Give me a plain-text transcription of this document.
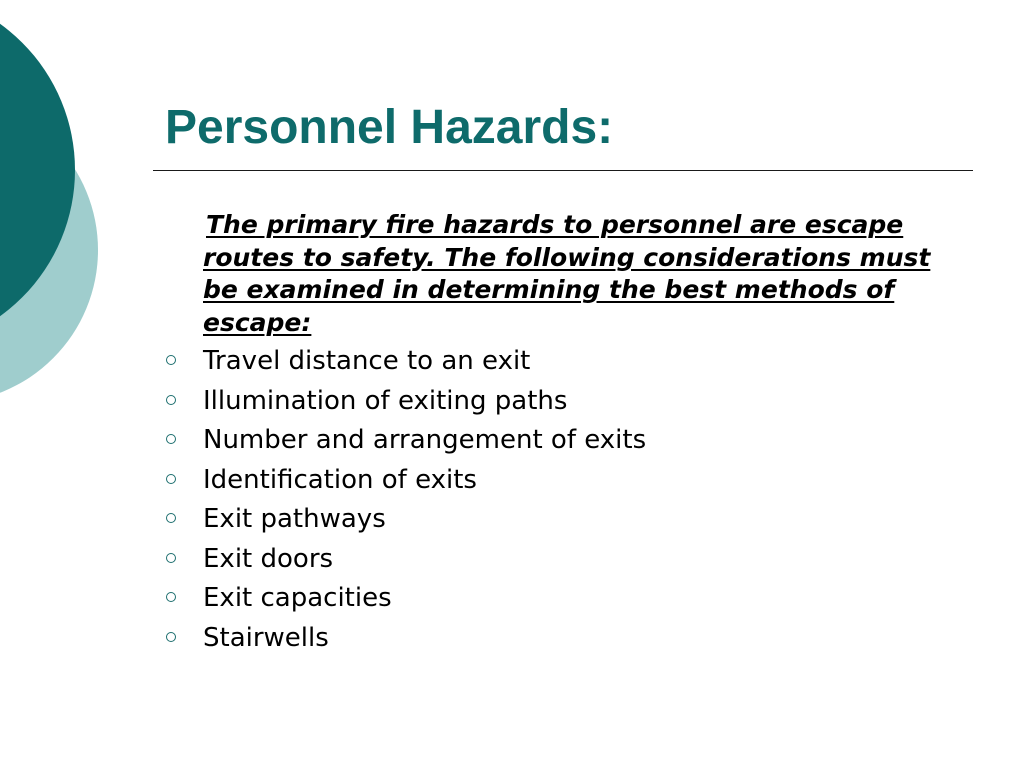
Personnel Hazards:

The primary fire hazards to personnel are escape routes to safety. The following considerations must be examined in determining the best methods of escape:

Travel distance to an exit
Illumination of exiting paths
Number and arrangement of exits
Identification of exits
Exit pathways
Exit doors
Exit capacities
Stairwells
